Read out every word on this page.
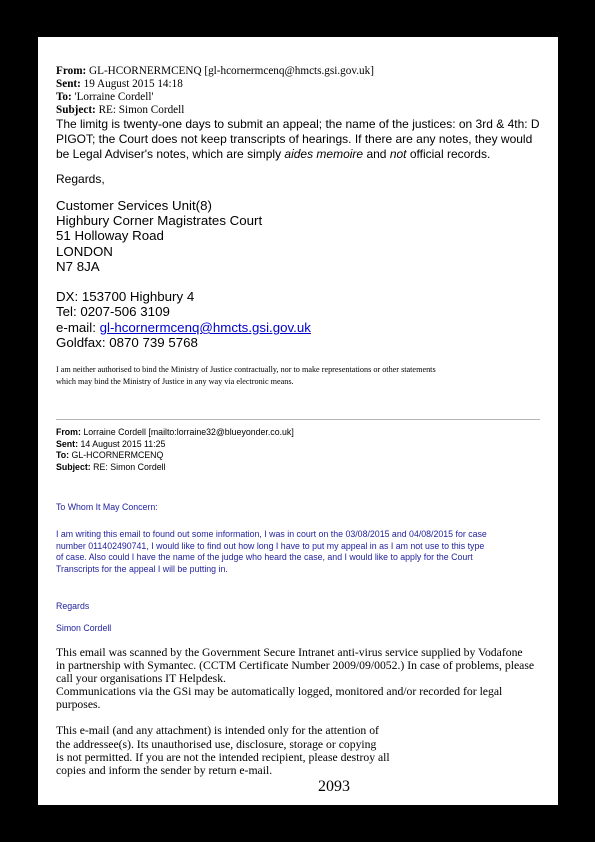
From: GL-HCORNERMCENQ [gl-hcornermcenq@hmcts.gsi.gov.uk]
Sent: 19 August 2015 14:18
To: 'Lorraine Cordell'
Subject: RE: Simon Cordell
The limitg is twenty-one days to submit an appeal; the name of the justices: on 3rd & 4th: D
PIGOT; the Court does not keep transcripts of hearings. If there are any notes, they would
be Legal Adviser's notes, which are simply aides memoire and not official records.
Regards,
Customer Services Unit(8)
Highbury Corner Magistrates Court
51 Holloway Road
LONDON
N7 8JA
DX: 153700 Highbury 4
Tel: 0207-506 3109
e-mail: gl-hcornermcenq@hmcts.gsi.gov.uk
Goldfax: 0870 739 5768
I am neither authorised to bind the Ministry of Justice contractually, nor to make representations or other statements
which may bind the Ministry of Justice in any way via electronic means.
From: Lorraine Cordell [mailto:lorraine32@blueyonder.co.uk]
Sent: 14 August 2015 11:25
To: GL-HCORNERMCENQ
Subject: RE: Simon Cordell
To Whom It May Concern:
I am writing this email to found out some information, I was in court on the 03/08/2015 and 04/08/2015 for case
number 011402490741, I would like to find out how long I have to put my appeal in as I am not use to this type
of case. Also could I have the name of the judge who heard the case, and I would like to apply for the Court
Transcripts for the appeal I will be putting in.
Regards
Simon Cordell
This email was scanned by the Government Secure Intranet anti-virus service supplied by Vodafone
in partnership with Symantec. (CCTM Certificate Number 2009/09/0052.) In case of problems, please
call your organisations IT Helpdesk.
Communications via the GSi may be automatically logged, monitored and/or recorded for legal
purposes.
This e-mail (and any attachment) is intended only for the attention of
the addressee(s). Its unauthorised use, disclosure, storage or copying
is not permitted. If you are not the intended recipient, please destroy all
copies and inform the sender by return e-mail.
2093
